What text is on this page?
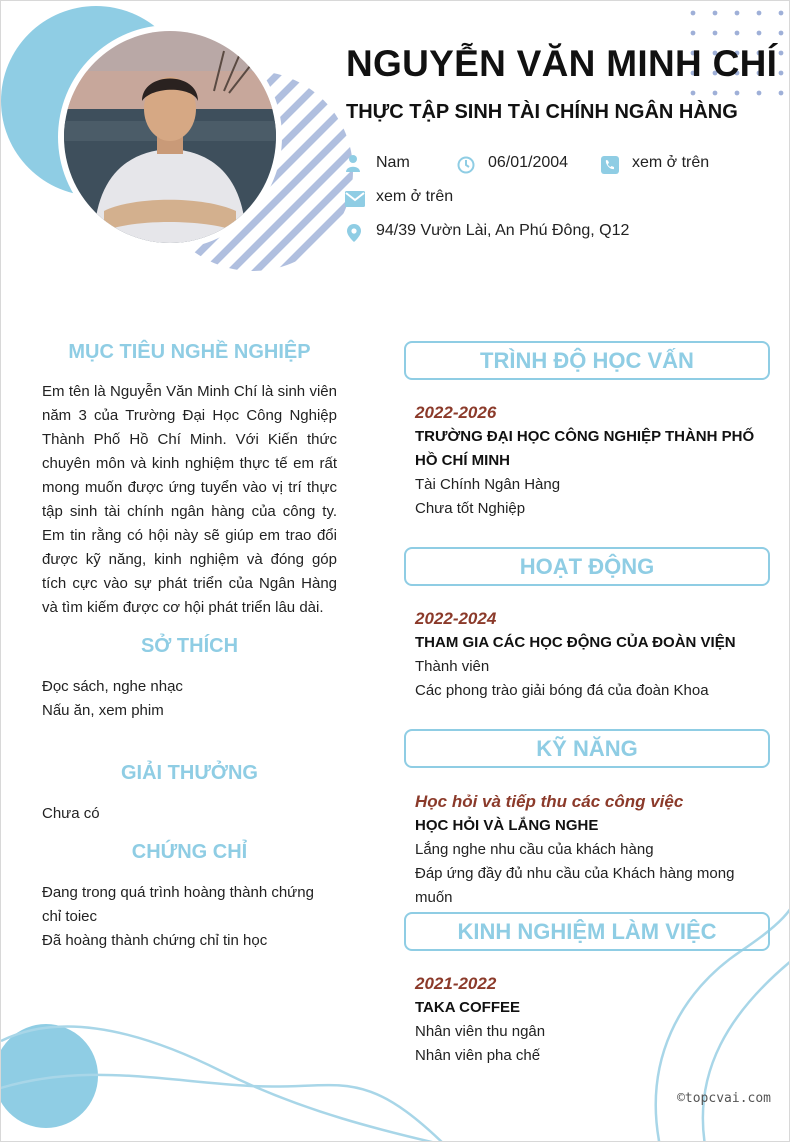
NGUYỄN VĂN MINH CHÍ
THỰC TẬP SINH TÀI CHÍNH NGÂN HÀNG
Nam	06/01/2004	xem ở trên
xem ở trên
94/39 Vườn Lài, An Phú Đông, Q12
MỤC TIÊU NGHỀ NGHIỆP

Em tên là Nguyễn Văn Minh Chí là sinh viên năm 3 của Trường Đại Học Công Nghiệp Thành Phố Hồ Chí Minh. Với Kiến thức chuyên môn và kinh nghiệm thực tế em rất mong muốn được ứng tuyển vào vị trí thực tập sinh tài chính ngân hàng của công ty. Em tin rằng có hội này sẽ giúp em trao đổi được kỹ năng, kinh nghiệm và đóng góp tích cực vào sự phát triển của Ngân Hàng và tìm kiếm được cơ hội phát triển lâu dài.

SỞ THÍCH
Đọc sách, nghe nhạc
Nấu ăn, xem phim
GIẢI THƯỞNG
Chưa có
CHỨNG CHỈ
Đang trong quá trình hoàng thành chứng chỉ toiec
Đã hoàng thành chứng chỉ tin học
TRÌNH ĐỘ HỌC VẤN
2022-2026
TRƯỜNG ĐẠI HỌC CÔNG NGHIỆP THÀNH PHỐ HỒ CHÍ MINH
Tài Chính Ngân Hàng
Chưa tốt Nghiệp
HOẠT ĐỘNG
2022-2024
THAM GIA CÁC HỌC ĐỘNG CỦA ĐOÀN VIỆN
Thành viên
Các phong trào giải bóng đá của đoàn Khoa
KỸ NĂNG
Học hỏi và tiếp thu các công việc
HỌC HỎI VÀ LẮNG NGHE
Lắng nghe nhu cầu của khách hàng
Đáp ứng đầy đủ nhu cầu của Khách hàng mong muốn
KINH NGHIỆM LÀM VIỆC
2021-2022
TAKA COFFEE
Nhân viên thu ngân
Nhân viên pha chế
©topcvai.com
